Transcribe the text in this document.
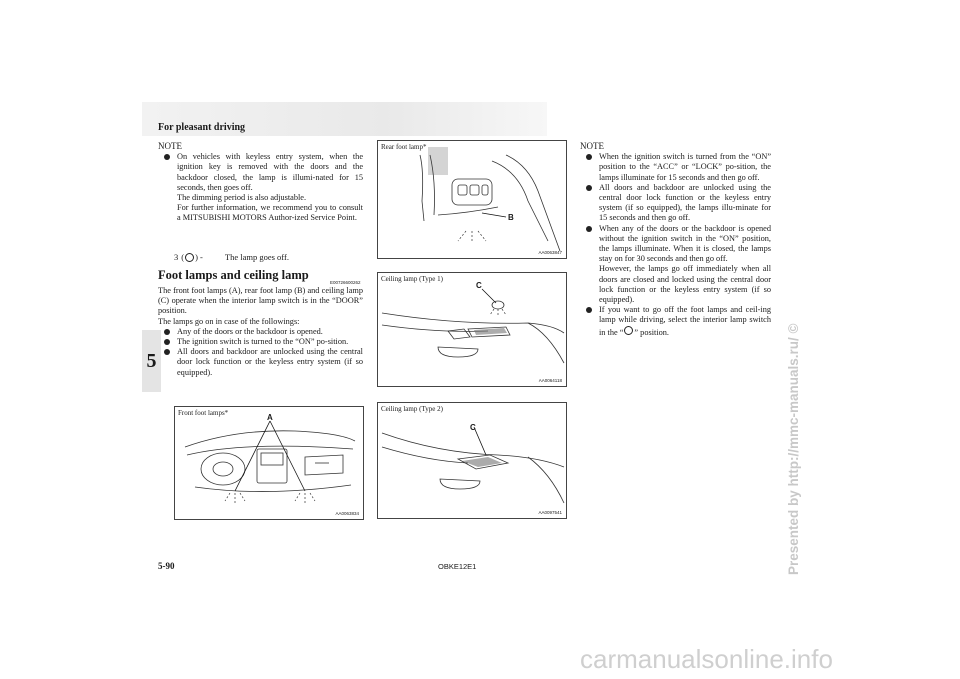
For pleasant driving
5
NOTE
On vehicles with keyless entry system, when the ignition key is removed with the doors and the backdoor closed, the lamp is illumi-nated for 15 seconds, then goes off.
The dimming period is also adjustable.
For further information, we recommend you to consult a MITSUBISHI MOTORS Author-ized Service Point.
3 ( ) -	The lamp goes off.
Foot lamps and ceiling lamp
E00726600262
The front foot lamps (A), rear foot lamp (B) and ceiling lamp (C) operate when the interior lamp switch is in the “DOOR” position.
The lamps go on in case of the followings:
Any of the doors or the backdoor is opened.
The ignition switch is turned to the “ON” po-sition.
All doors and backdoor are unlocked using the central door lock function or the keyless entry system (if so equipped).
Front foot lamps*	A
AA0063834
Rear foot lamp*
B
AA0063847
Ceiling lamp (Type 1)
C
AA0064118
Ceiling lamp (Type 2)
C
AA0097541
NOTE
When the ignition switch is turned from the “ON” position to the “ACC” or “LOCK” po-sition, the lamps illuminate for 15 seconds and then go off.
All doors and backdoor are unlocked using the central door lock function or the keyless entry system (if so equipped), the lamps illu-minate for 15 seconds and then go off.
When any of the doors or the backdoor is opened without the ignition switch in the “ON” position, the lamps illuminate. When it is closed, the lamps stay on for 30 seconds and then go off.
However, the lamps go off immediately when all doors are closed and locked using the central door lock function or the keyless entry system (if so equipped).
If you want to go off the foot lamps and ceil-ing lamp while driving, select the interior lamp switch in the “ ” position.
5-90	OBKE12E1	Presented by http://mmc-manuals.ru/ ©
carmanualsonline.info
